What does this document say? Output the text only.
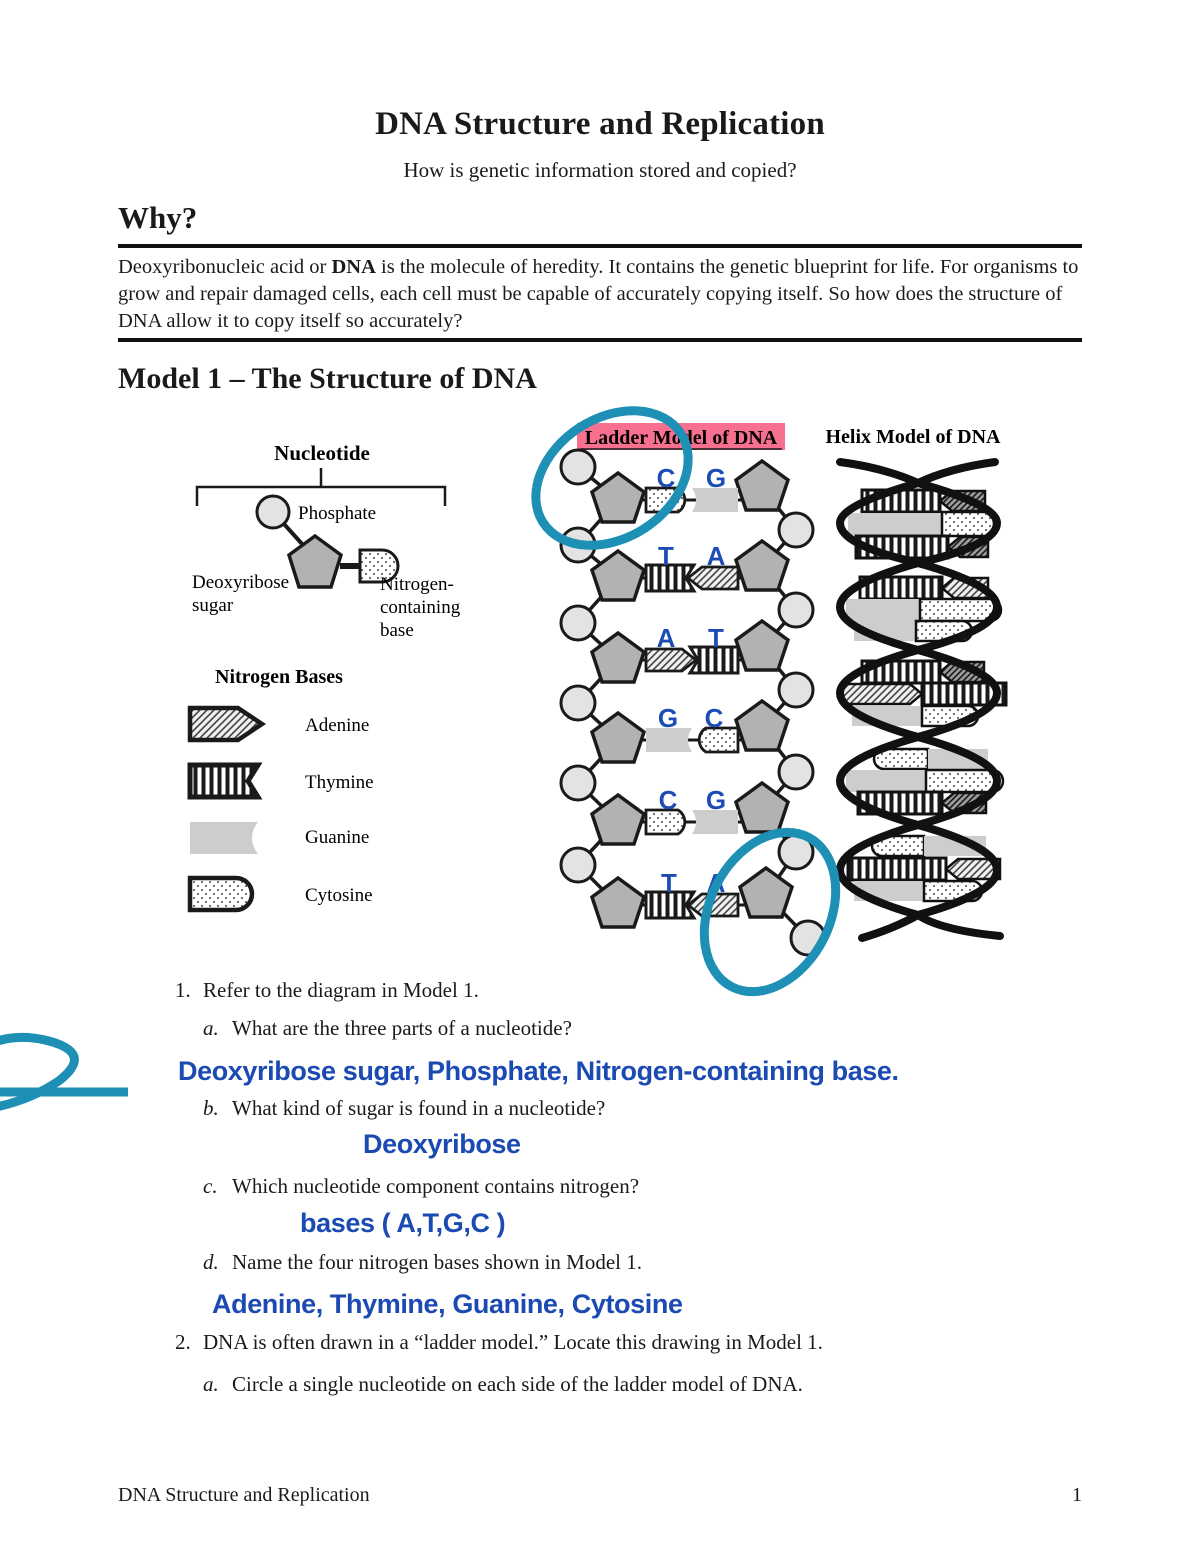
DNA Structure and Replication
How is genetic information stored and copied?
Why?
Deoxyribonucleic acid or DNA is the molecule of heredity. It contains the genetic blueprint for life. For organisms to grow and repair damaged cells, each cell must be capable of accurately copying itself. So how does the structure of DNA allow it to copy itself so accurately?
Model 1 – The Structure of DNA
Nucleotide
Phosphate
Deoxyribose
sugar
Nitrogen-
containing
base
Nitrogen Bases
Adenine
Thymine
Guanine
Cytosine
Ladder Model of DNA
C G
T A
A T
G C
C G
T A
Helix Model of DNA
1. Refer to the diagram in Model 1.
a. What are the three parts of a nucleotide?
Deoxyribose sugar, Phosphate, Nitrogen-containing base.
b. What kind of sugar is found in a nucleotide?
Deoxyribose
c. Which nucleotide component contains nitrogen?
bases ( A,T,G,C )
d. Name the four nitrogen bases shown in Model 1.
Adenine, Thymine, Guanine, Cytosine
2. DNA is often drawn in a “ladder model.” Locate this drawing in Model 1.
a. Circle a single nucleotide on each side of the ladder model of DNA.
DNA Structure and Replication	1
